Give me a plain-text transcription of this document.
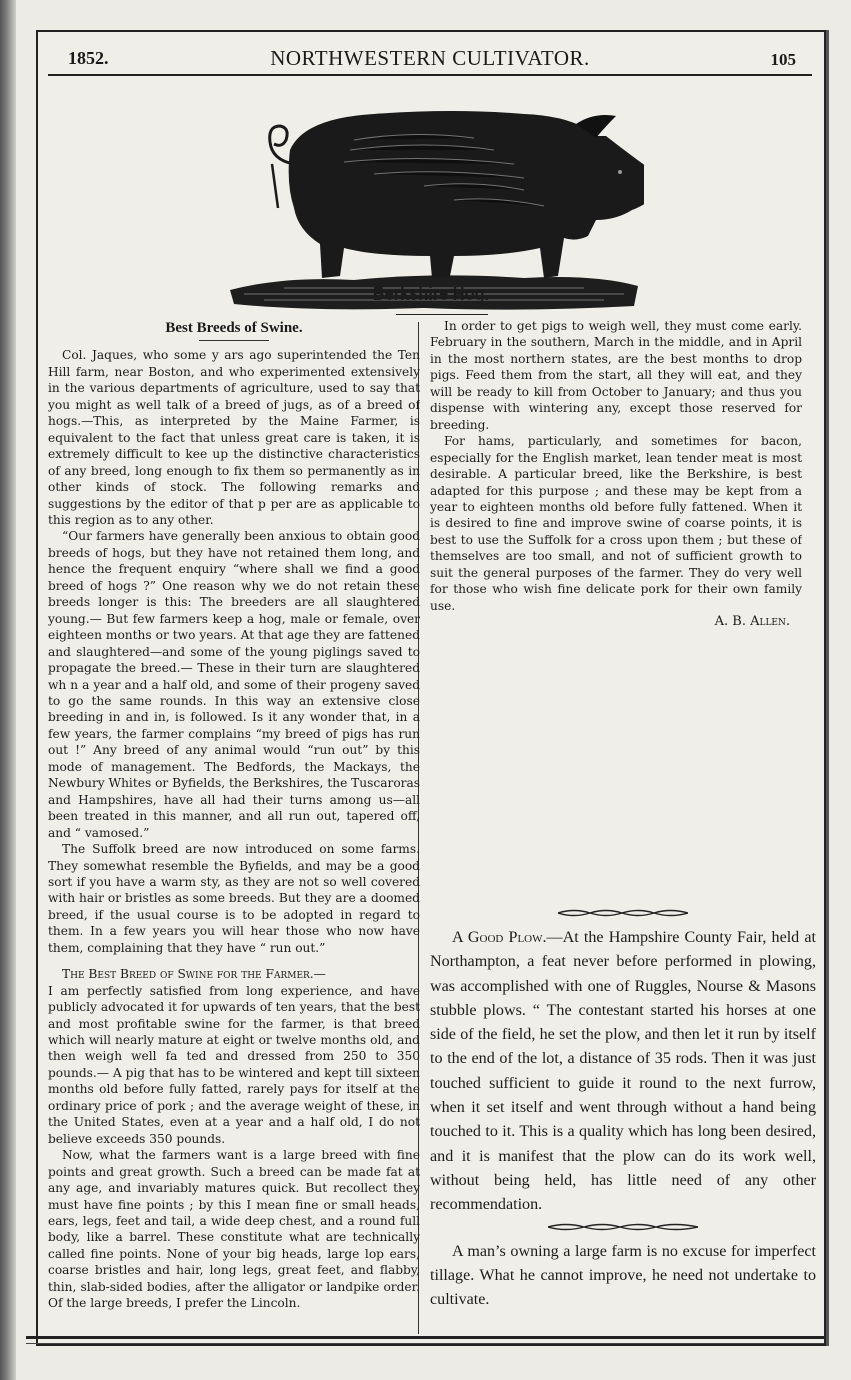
1852.	NORTHWESTERN CULTIVATOR.	105
Berkshire Hog.
Best Breeds of Swine.

Col. Jaques, who some y ars ago superintended the Ten Hill farm, near Boston, and who experimented extensively in the various departments of agriculture, used to say that you might as well talk of a breed of jugs, as of a breed of hogs.—This, as interpreted by the Maine Farmer, is equivalent to the fact that unless great care is taken, it is extremely difficult to kee up the distinctive characteristics of any breed, long enough to fix them so permanently as in other kinds of stock. The following remarks and suggestions by the editor of that p per are as applicable to this region as to any other.

“Our farmers have generally been anxious to obtain good breeds of hogs, but they have not retained them long, and hence the frequent enquiry “where shall we find a good breed of hogs ?” One reason why we do not retain these breeds longer is this: The breeders are all slaughtered young.— But few farmers keep a hog, male or female, over eighteen months or two years. At that age they are fattened and slaughtered—and some of the young piglings saved to propagate the breed.— These in their turn are slaughtered wh n a year and a half old, and some of their progeny saved to go the same rounds. In this way an extensive close breeding in and in, is followed. Is it any wonder that, in a few years, the farmer complains “my breed of pigs has run out !” Any breed of any animal would “run out” by this mode of management. The Bedfords, the Mackays, the Newbury Whites or Byfields, the Berkshires, the Tuscaroras and Hampshires, have all had their turns among us—all been treated in this manner, and all run out, tapered off, and “ vamosed.”

The Suffolk breed are now introduced on some farms. They somewhat resemble the Byfields, and may be a good sort if you have a warm sty, as they are not so well covered with hair or bristles as some breeds. But they are a doomed breed, if the usual course is to be adopted in regard to them. In a few years you will hear those who now have them, complaining that they have “ run out.”

The Best Breed of Swine for the Farmer.—

I am perfectly satisfied from long experience, and have publicly advocated it for upwards of ten years, that the best and most profitable swine for the farmer, is that breed which will nearly mature at eight or twelve months old, and then weigh well fa ted and dressed from 250 to 350 pounds.— A pig that has to be wintered and kept till sixteen months old before fully fatted, rarely pays for itself at the ordinary price of pork ; and the average weight of these, in the United States, even at a year and a half old, I do not believe exceeds 350 pounds.

Now, what the farmers want is a large breed with fine points and great growth. Such a breed can be made fat at any age, and invariably matures quick. But recollect they must have fine points ; by this I mean fine or small heads, ears, legs, feet and tail, a wide deep chest, and a round full body, like a barrel. These constitute what are technically called fine points. None of your big heads, large lop ears, coarse bristles and hair, long legs, great feet, and flabby, thin, slab-sided bodies, after the alligator or landpike order. Of the large breeds, I prefer the Lincoln.

In order to get pigs to weigh well, they must come early. February in the southern, March in the middle, and in April in the most northern states, are the best months to drop pigs. Feed them from the start, all they will eat, and they will be ready to kill from October to January; and thus you dispense with wintering any, except those reserved for breeding.

For hams, particularly, and sometimes for bacon, especially for the English market, lean tender meat is most desirable. A particular breed, like the Berkshire, is best adapted for this purpose ; and these may be kept from a year to eighteen months old before fully fattened. When it is desired to fine and improve swine of coarse points, it is best to use the Suffolk for a cross upon them ; but these of themselves are too small, and not of sufficient growth to suit the general purposes of the farmer. They do very well for those who wish fine delicate pork for their own family use.

A. B. Allen.

A Good Plow.—At the Hampshire County Fair, held at Northampton, a feat never before performed in plowing, was accomplished with one of Ruggles, Nourse & Masons stubble plows. “ The contestant started his horses at one side of the field, he set the plow, and then let it run by itself to the end of the lot, a distance of 35 rods. Then it was just touched sufficient to guide it round to the next furrow, when it set itself and went through without a hand being touched to it. This is a quality which has long been desired, and it is manifest that the plow can do its work well, without being held, has little need of any other recommendation.

A man’s owning a large farm is no excuse for imperfect tillage. What he cannot improve, he need not undertake to cultivate.
